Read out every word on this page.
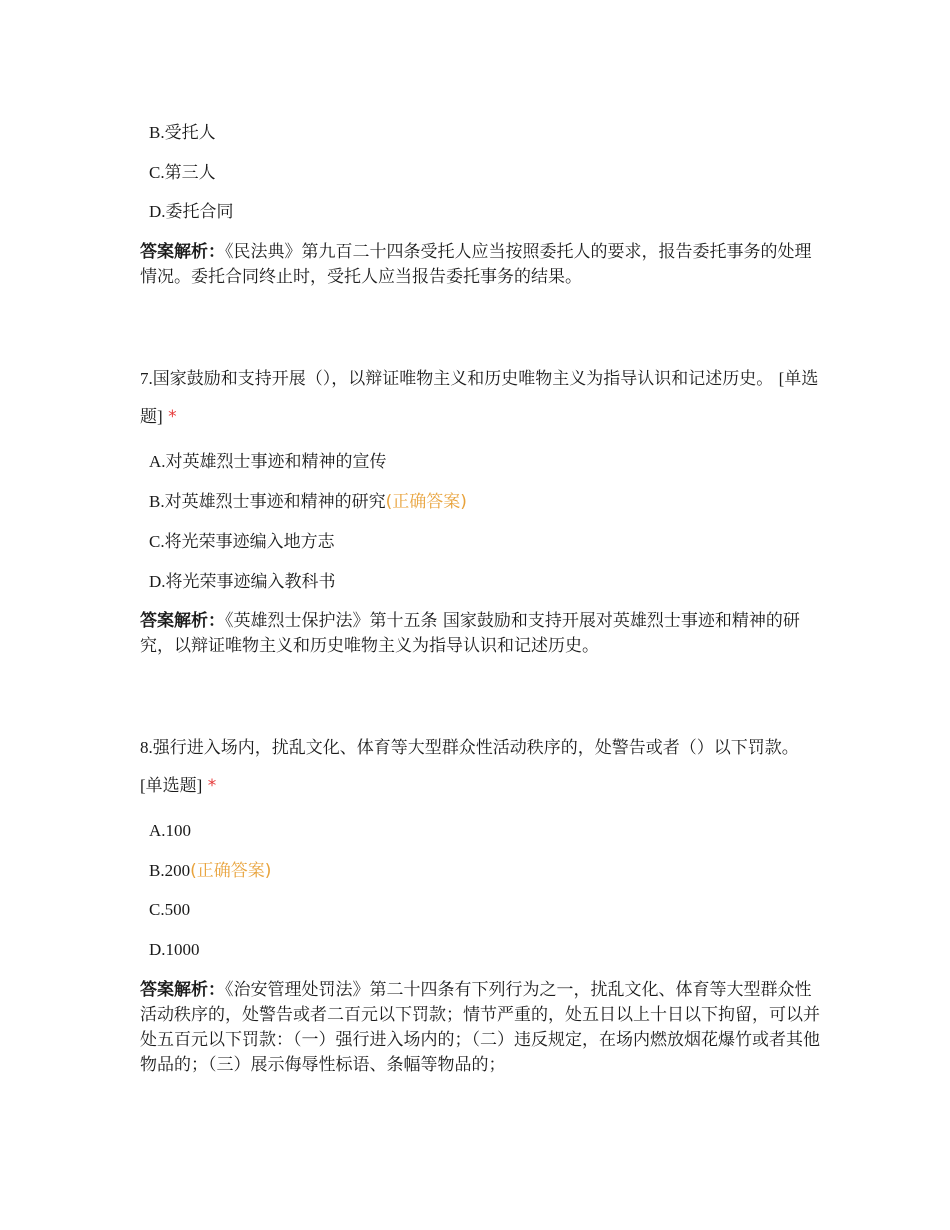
B.受托人
C.第三人
D.委托合同
答案解析：《民法典》第九百二十四条受托人应当按照委托人的要求，报告委托事务的处理情况。委托合同终止时，受托人应当报告委托事务的结果。
7.国家鼓励和支持开展（），以辩证唯物主义和历史唯物主义为指导认识和记述历史。 [单选题] *
A.对英雄烈士事迹和精神的宣传
B.对英雄烈士事迹和精神的研究(正确答案)
C.将光荣事迹编入地方志
D.将光荣事迹编入教科书
答案解析：《英雄烈士保护法》第十五条 国家鼓励和支持开展对英雄烈士事迹和精神的研究，以辩证唯物主义和历史唯物主义为指导认识和记述历史。
8.强行进入场内，扰乱文化、体育等大型群众性活动秩序的，处警告或者（）以下罚款。 [单选题] *
A.100
B.200(正确答案)
C.500
D.1000
答案解析：《治安管理处罚法》第二十四条有下列行为之一，扰乱文化、体育等大型群众性活动秩序的，处警告或者二百元以下罚款；情节严重的，处五日以上十日以下拘留，可以并处五百元以下罚款：（一）强行进入场内的；（二）违反规定，在场内燃放烟花爆竹或者其他物品的；（三）展示侮辱性标语、条幅等物品的；
